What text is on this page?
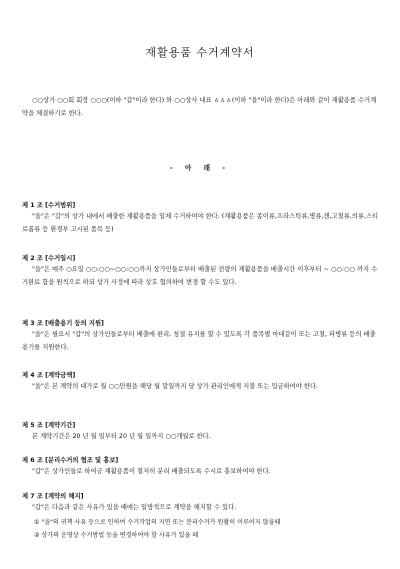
재활용품 수거계약서
○○상가 ○○회 회장 ○○○(이하 "갑"이라 한다) 와 ○○상사 대표 ㅿㅿㅿ(이하 "을"이라 한다)은 아래와 같이 재활용품 수거계약을 체결하기로 한다.
- 아 래 -
제 1 조 [수거범위]
"을"은 "갑"의 상가 내에서 배출한 재활용품을 일체 수거하여야 한다. (재활용품은 종이류,프라스틱류,병류,캔,고철류,의류,스티로폼류 등 환경부 고시된 품목 등)
제 2 조 [수거일시]
"을"은 매주 ○요일 ○○:○○~○○:○○까지 상가인들로부터 배출된 전량의 재활용품을 배출시간 이후부터 ~ ○○:○○ 까지 수거완료 함을 원칙으로 하되 상가 사정에 따라 상호 협의하여 변경 할 수도 있다.
제 3 조 [배출용기 등의 지원]
"을"은 필요시 "갑"의 상가인들로부터 배출에 편리, 청결 유지를 할 수 있도록 각 품목별 마대같이 또는 고철, 파병류 등의 배출용기를 지원한다.
제 4 조 [계약금액]
"을"은 본 계약의 대가로 월 ○○만원을 해당 월 말일까지 당 상가 관리인에게 지불 또는 입금하여야 한다.
제 5 조 [계약기간]
본 계약기간은 20 년 월 일부터 20 년 월 일까지 ○○개월로 한다.
제 6 조 [분리수거의 협조 및 홍보]
"갑"은 상가인들로 하여금 재활용품이 철저히 분리 배출되도록 수시로 홍보하여야 한다.
제 7 조 [계약의 해지]
"갑"은 다음과 같은 사유가 있을 때에는 일방적으로 계약을 해지할 수 있다.
① "을"의 귀책 사유 등으로 인하여 수거작업의 지연 또는 분리수거가 원활히 이루어지 않을때
② 상가의 운영상 수거방법 등을 변경하여야 할 사유가 있을 때
